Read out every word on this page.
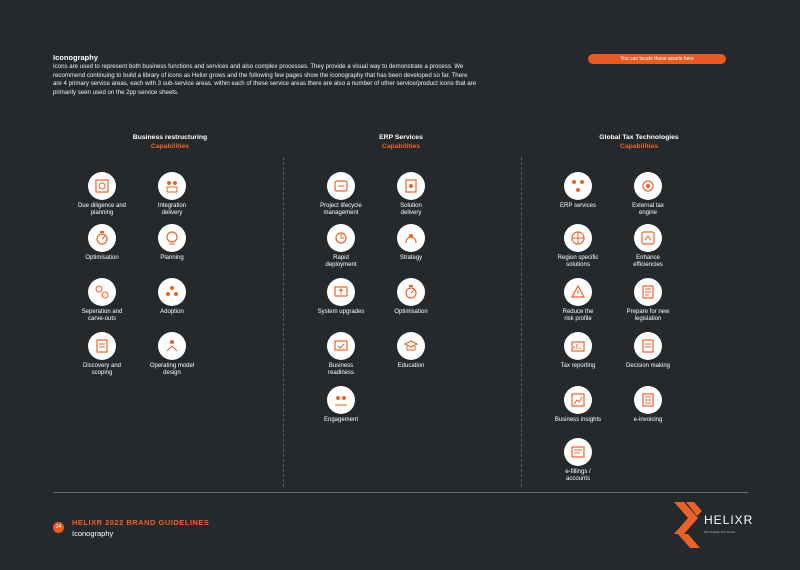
Iconography

Icons are used to represent both business functions and services and also complex processes. They provide a visual way to demonstrate a process. We
recommend continuing to build a library of icons as Helixr grows and the following few pages show the iconography that has been developed so far. There
are 4 primary service areas, each with 3 sub-service areas. within each of these service areas there are also a number of other service/product icons that are
primarily seen used on the 2pp service sheets.

You can locate these assets here
Business restructuring
Capabilities
ERP Services
Capabilities
Global Tax Technologies
Capabilities
Due diligence and
planning
Integration
delivery
Optimisation	Planning
Seperation and
carve-outs
Adoption
Discovery and
scoping
Operating model
design
Project lifecycle
management
Solution
delivery
Rapid
deployment
Strategy
System upgrades	Optimisation
Business
readiness
Education
Engagement
ERP services	External tax
engine
Region specific
solutions
Enhance
efficiencies
Reduce the
risk profile
Prepare for new
legislation
Tax reporting	Decision making
Business insights	e-invoicing
e-fillings /
accounts
34	HELIXR 2022 BRAND GUIDELINES
Iconography
HELIXR
We Simplify The Future
